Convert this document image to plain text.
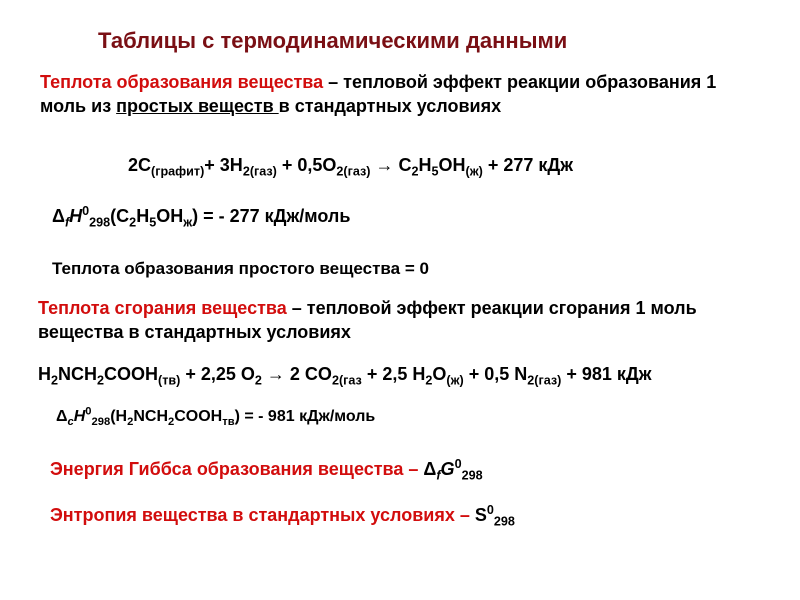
Таблицы с термодинамическими данными
Теплота образования вещества – тепловой эффект реакции образования 1 моль из простых веществ в стандартных условиях
$2C_{(графит)}+ 3H_{2(газ)} + 0,5O_{2(газ)} \to C_2H_5OH_{(ж)} + 277$ кДж
$\Delta_fH^0_{298}(C_2H_5OH_ж)$ = - 277 кДж/моль
Теплота образования простого вещества = 0
Теплота сгорания вещества – тепловой эффект реакции сгорания 1 моль вещества в стандартных условиях
$H_2NCH_2COOH_{(тв)} + 2,25$ $O_2 \to 2$ $CO_{2(газ} + 2,5$ $H_2O_{(ж)} + 0,5$ $N_{2(газ)} + 981$ кДж
$\Delta_cH^0_{298}(H_2NCH_2COOH_{тв})$ = - 981 кДж/моль
Энергия Гиббса образования вещества – $\Delta_fG^0_{298}$
Энтропия вещества в стандартных условиях – $S^0_{298}$
